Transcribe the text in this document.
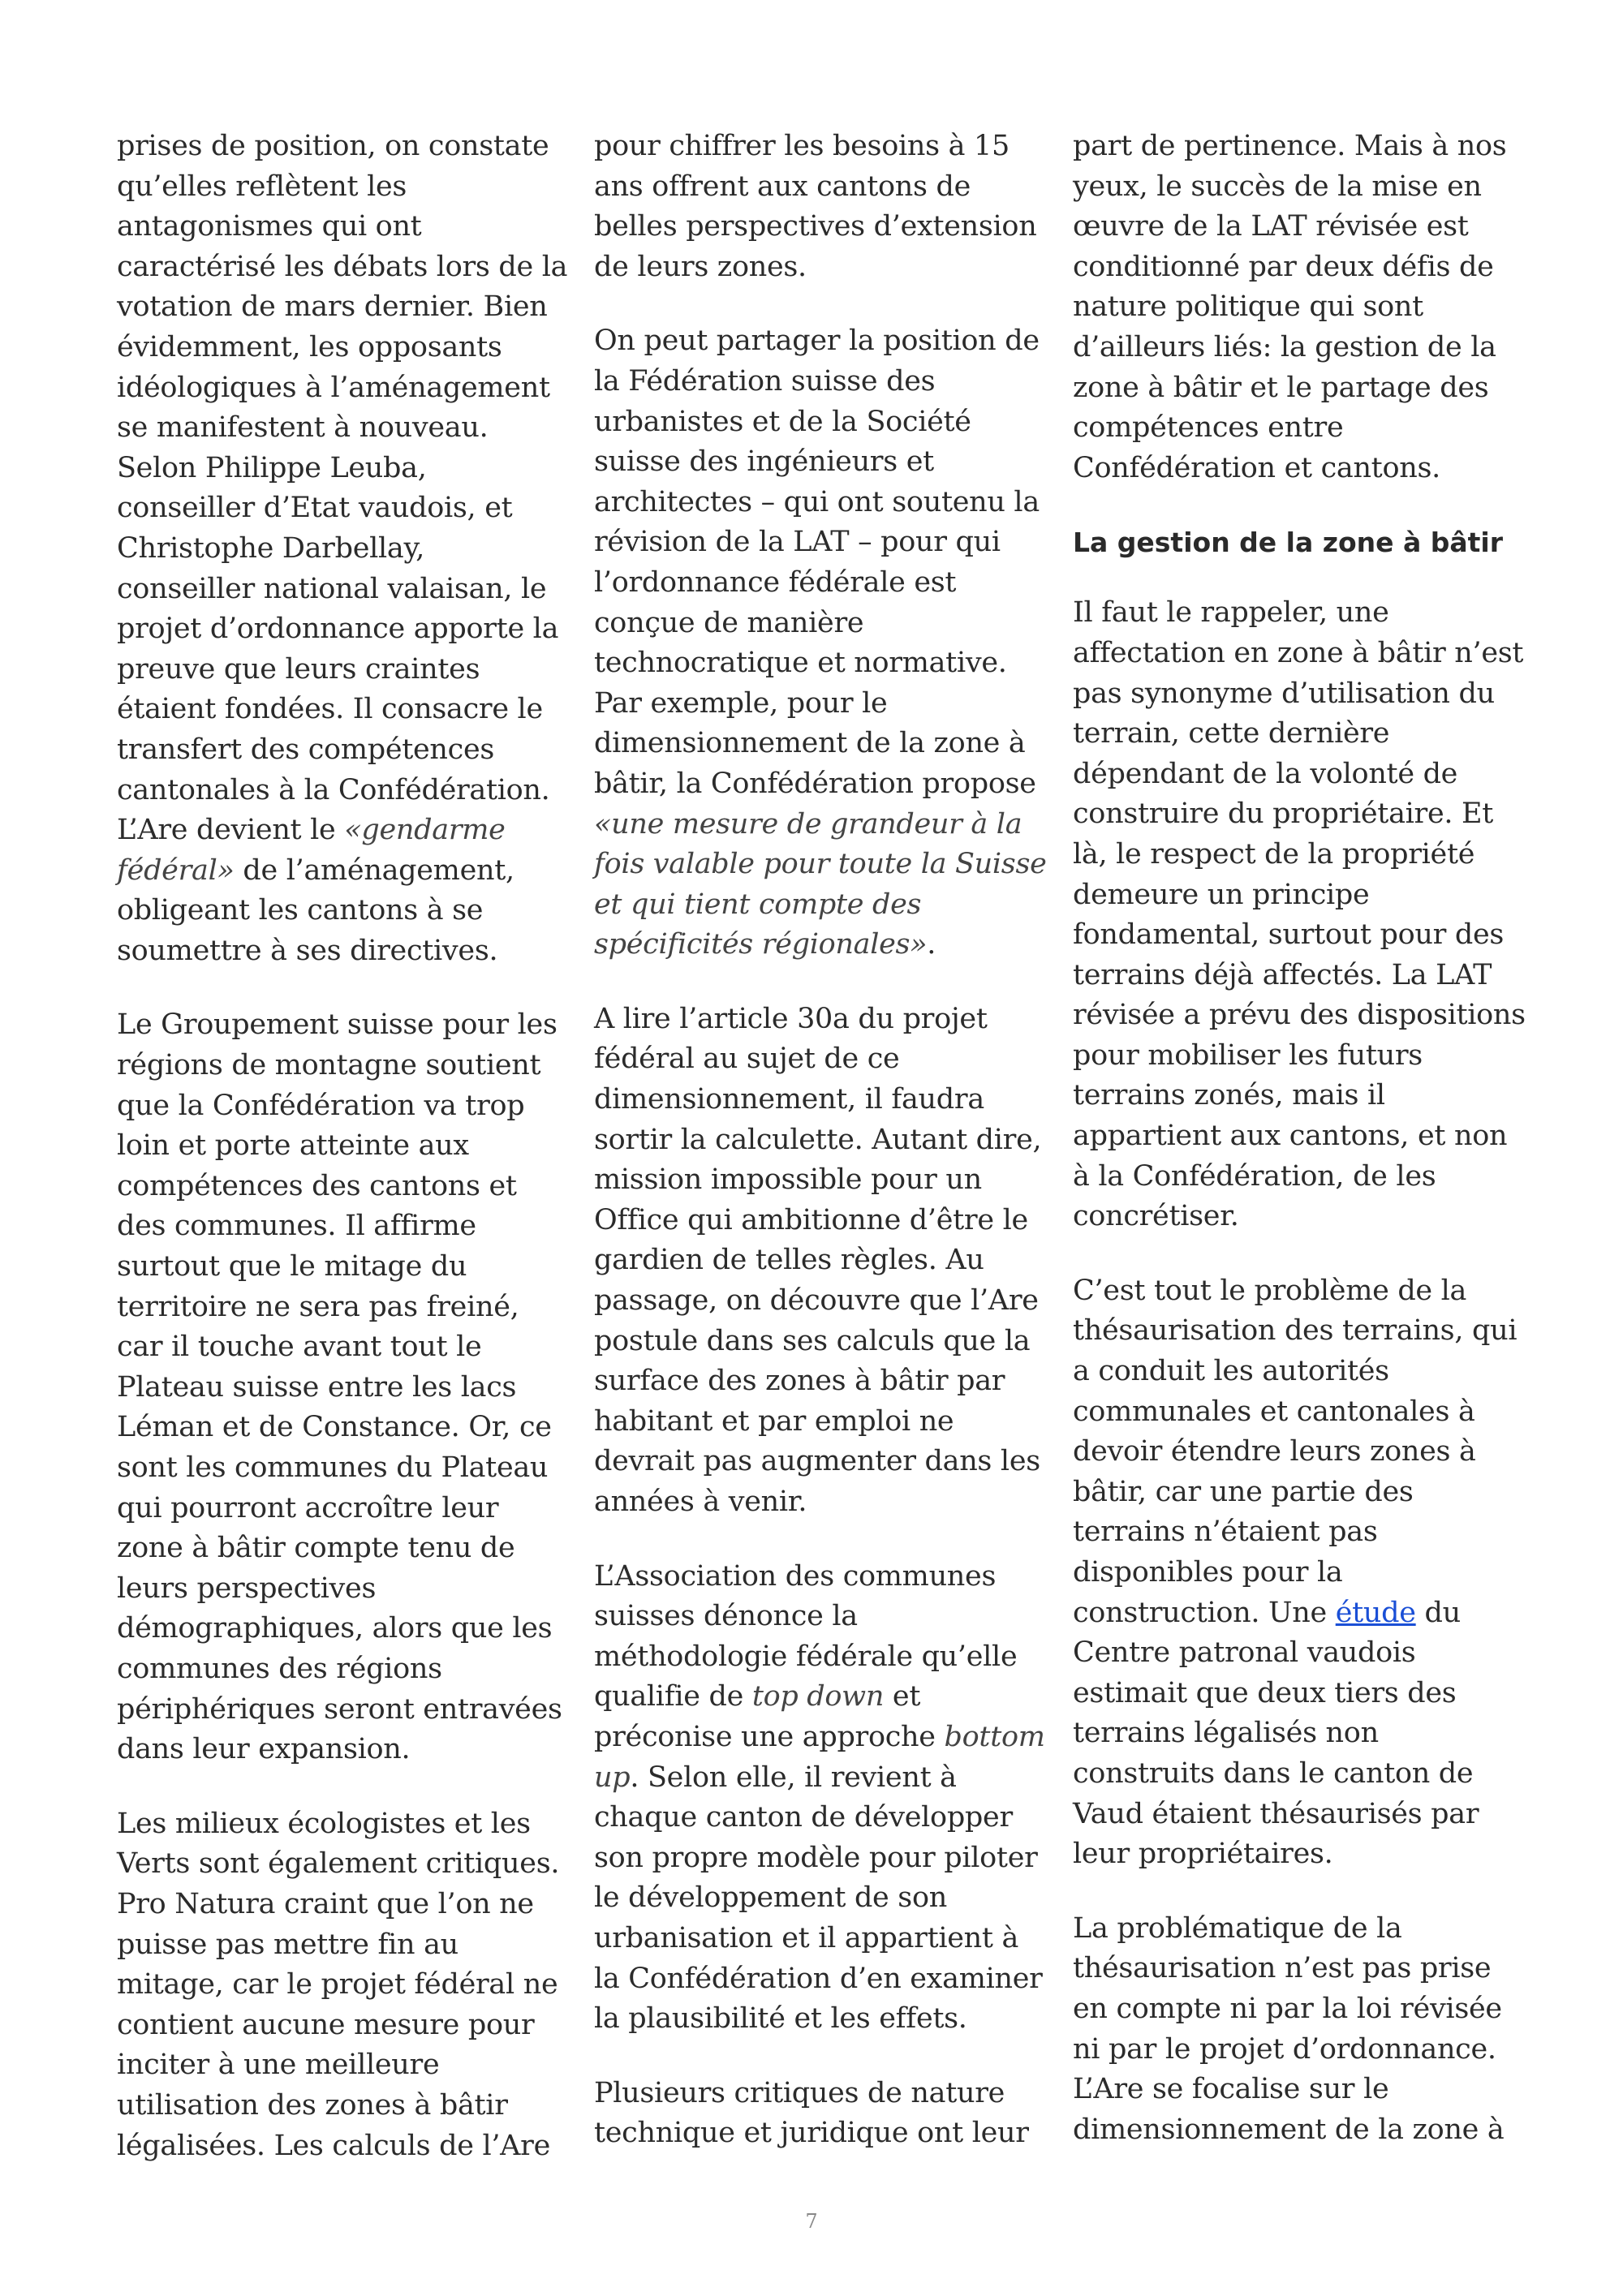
prises de position, on constate
qu’elles reflètent les
antagonismes qui ont
caractérisé les débats lors de la
votation de mars dernier. Bien
évidemment, les opposants
idéologiques à l’aménagement
se manifestent à nouveau.
Selon Philippe Leuba,
conseiller d’Etat vaudois, et
Christophe Darbellay,
conseiller national valaisan, le
projet d’ordonnance apporte la
preuve que leurs craintes
étaient fondées. Il consacre le
transfert des compétences
cantonales à la Confédération.
L’Are devient le «gendarme
fédéral» de l’aménagement,
obligeant les cantons à se
soumettre à ses directives.

Le Groupement suisse pour les
régions de montagne soutient
que la Confédération va trop
loin et porte atteinte aux
compétences des cantons et
des communes. Il affirme
surtout que le mitage du
territoire ne sera pas freiné,
car il touche avant tout le
Plateau suisse entre les lacs
Léman et de Constance. Or, ce
sont les communes du Plateau
qui pourront accroître leur
zone à bâtir compte tenu de
leurs perspectives
démographiques, alors que les
communes des régions
périphériques seront entravées
dans leur expansion.

Les milieux écologistes et les
Verts sont également critiques.
Pro Natura craint que l’on ne
puisse pas mettre fin au
mitage, car le projet fédéral ne
contient aucune mesure pour
inciter à une meilleure
utilisation des zones à bâtir
légalisées. Les calculs de l’Are

pour chiffrer les besoins à 15
ans offrent aux cantons de
belles perspectives d’extension
de leurs zones.

On peut partager la position de
la Fédération suisse des
urbanistes et de la Société
suisse des ingénieurs et
architectes – qui ont soutenu la
révision de la LAT – pour qui
l’ordonnance fédérale est
conçue de manière
technocratique et normative.
Par exemple, pour le
dimensionnement de la zone à
bâtir, la Confédération propose
«une mesure de grandeur à la
fois valable pour toute la Suisse
et qui tient compte des
spécificités régionales».

A lire l’article 30a du projet
fédéral au sujet de ce
dimensionnement, il faudra
sortir la calculette. Autant dire,
mission impossible pour un
Office qui ambitionne d’être le
gardien de telles règles. Au
passage, on découvre que l’Are
postule dans ses calculs que la
surface des zones à bâtir par
habitant et par emploi ne
devrait pas augmenter dans les
années à venir.

L’Association des communes
suisses dénonce la
méthodologie fédérale qu’elle
qualifie de top down et
préconise une approche bottom
up. Selon elle, il revient à
chaque canton de développer
son propre modèle pour piloter
le développement de son
urbanisation et il appartient à
la Confédération d’en examiner
la plausibilité et les effets.

Plusieurs critiques de nature
technique et juridique ont leur

part de pertinence. Mais à nos
yeux, le succès de la mise en
œuvre de la LAT révisée est
conditionné par deux défis de
nature politique qui sont
d’ailleurs liés: la gestion de la
zone à bâtir et le partage des
compétences entre
Confédération et cantons.

La gestion de la zone à bâtir

Il faut le rappeler, une
affectation en zone à bâtir n’est
pas synonyme d’utilisation du
terrain, cette dernière
dépendant de la volonté de
construire du propriétaire. Et
là, le respect de la propriété
demeure un principe
fondamental, surtout pour des
terrains déjà affectés. La LAT
révisée a prévu des dispositions
pour mobiliser les futurs
terrains zonés, mais il
appartient aux cantons, et non
à la Confédération, de les
concrétiser.

C’est tout le problème de la
thésaurisation des terrains, qui
a conduit les autorités
communales et cantonales à
devoir étendre leurs zones à
bâtir, car une partie des
terrains n’étaient pas
disponibles pour la
construction. Une étude du
Centre patronal vaudois
estimait que deux tiers des
terrains légalisés non
construits dans le canton de
Vaud étaient thésaurisés par
leur propriétaires.

La problématique de la
thésaurisation n’est pas prise
en compte ni par la loi révisée
ni par le projet d’ordonnance.
L’Are se focalise sur le
dimensionnement de la zone à

7
